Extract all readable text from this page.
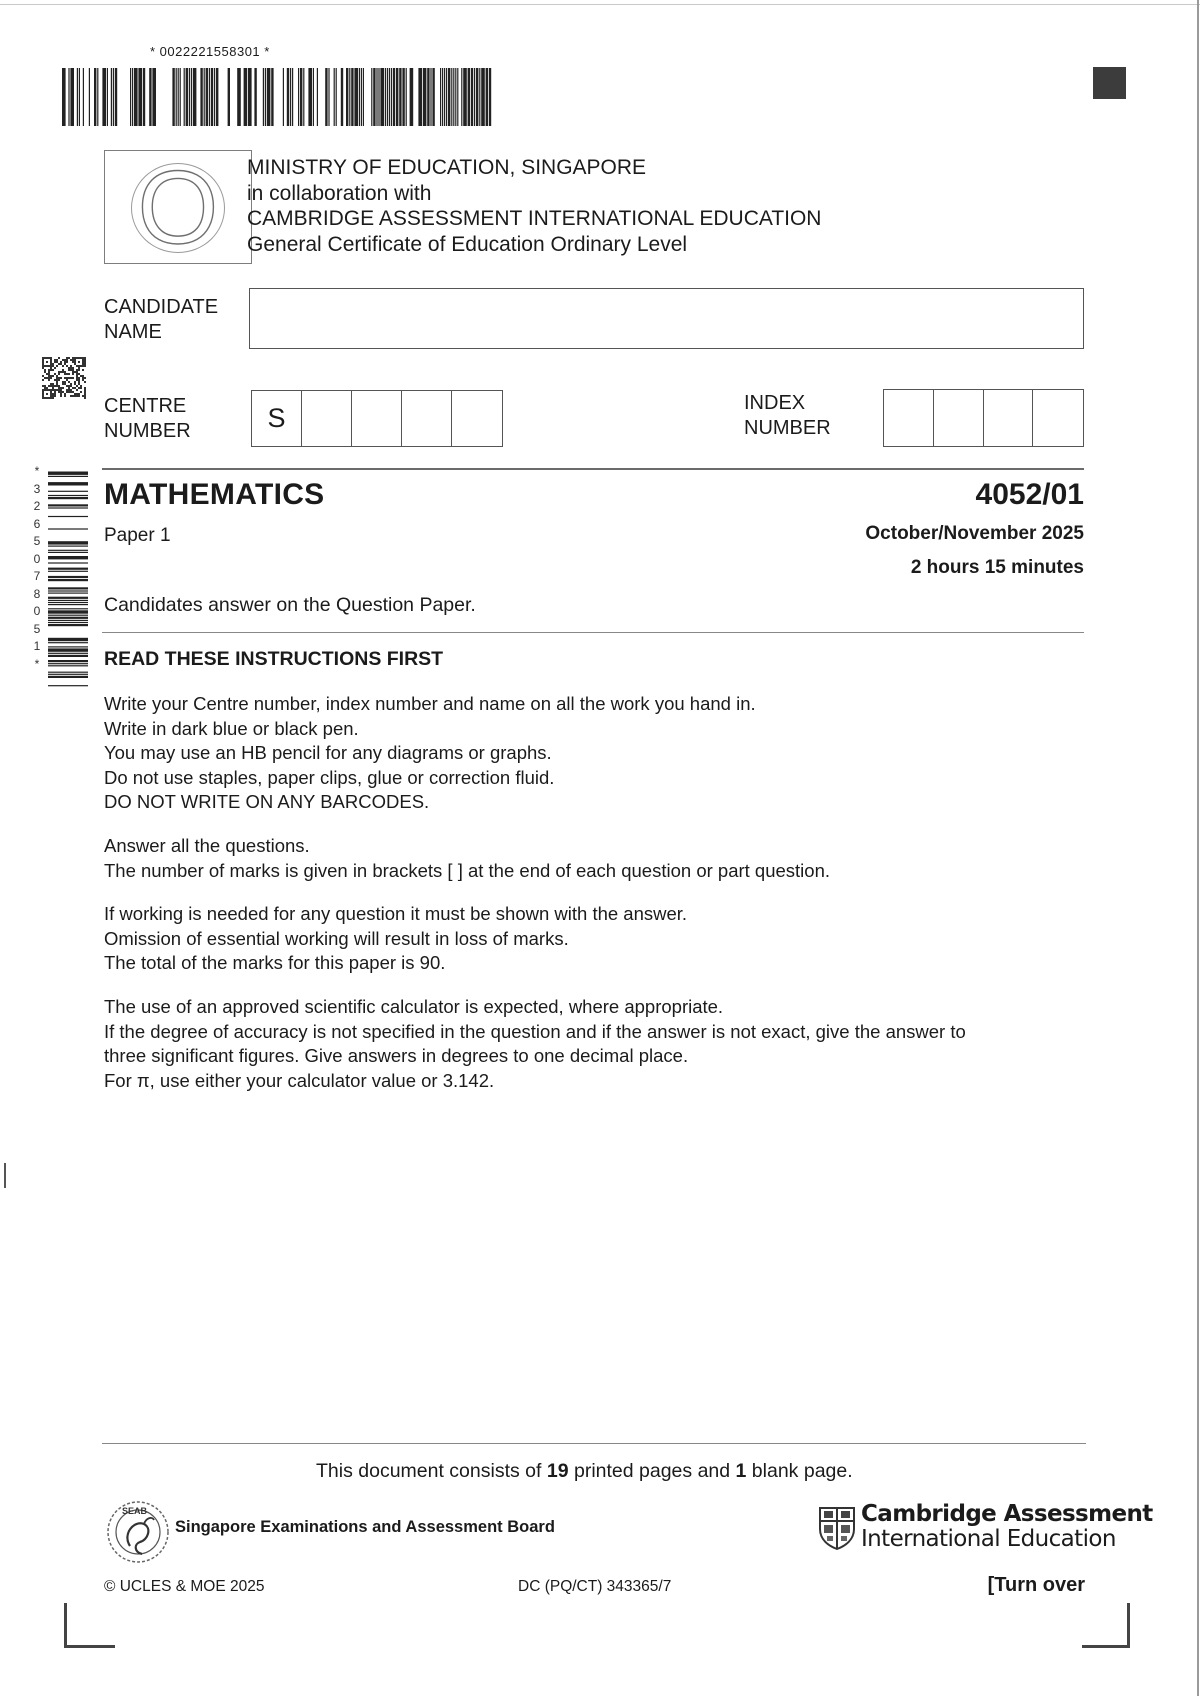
* 0022221558301 *
O	MINISTRY OF EDUCATION, SINGAPORE
in collaboration with
CAMBRIDGE ASSESSMENT INTERNATIONAL EDUCATION
General Certificate of Education Ordinary Level
CANDIDATE
NAME
CENTRE
NUMBER	S	INDEX
NUMBER
*
3
2
6
5
0
7
8
0
5
1
*
MATHEMATICS	4052/01
Paper 1	October/November 2025
2 hours 15 minutes
Candidates answer on the Question Paper.
READ THESE INSTRUCTIONS FIRST
Write your Centre number, index number and name on all the work you hand in.
Write in dark blue or black pen.
You may use an HB pencil for any diagrams or graphs.
Do not use staples, paper clips, glue or correction fluid.
DO NOT WRITE ON ANY BARCODES.
Answer all the questions.
The number of marks is given in brackets [ ] at the end of each question or part question.
If working is needed for any question it must be shown with the answer.
Omission of essential working will result in loss of marks.
The total of the marks for this paper is 90.
The use of an approved scientific calculator is expected, where appropriate.
If the degree of accuracy is not specified in the question and if the answer is not exact, give the answer to
three significant figures. Give answers in degrees to one decimal place.
For π, use either your calculator value or 3.142.
This document consists of 19 printed pages and 1 blank page.
SEAB
Singapore Examinations and Assessment Board	Cambridge Assessment
International Education
© UCLES & MOE 2025	DC (PQ/CT) 343365/7	[Turn over
